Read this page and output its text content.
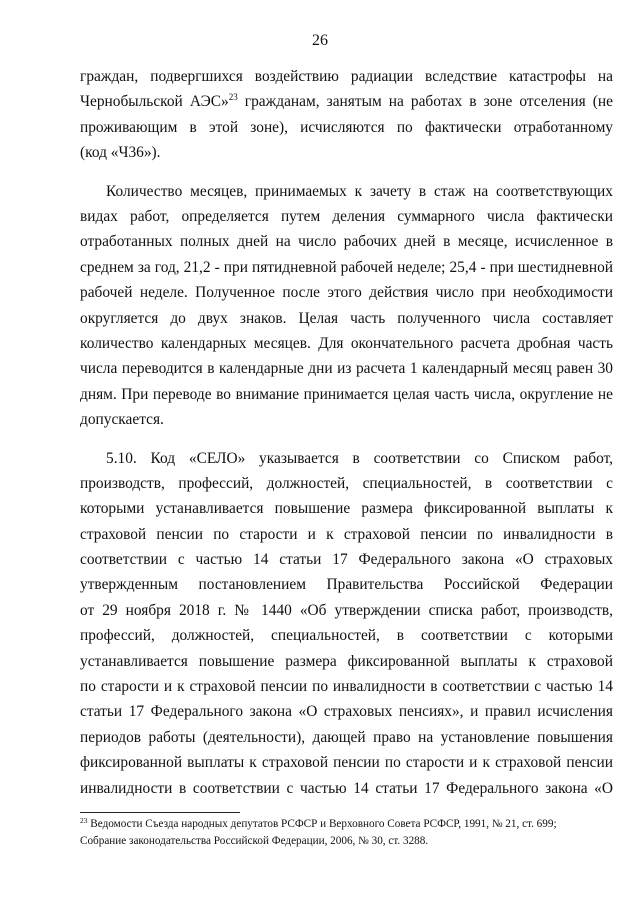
26
граждан, подвергшихся воздействию радиации вследствие катастрофы на
Чернобыльской АЭС»$^{23}$ гражданам, занятым на работах в зоне отселения (не
проживающим в этой зоне), исчисляются по фактически отработанному
(код «Ч36»).
Количество месяцев, принимаемых к зачету в стаж на соответствующих
видах работ, определяется путем деления суммарного числа фактически
отработанных полных дней на число рабочих дней в месяце, исчисленное в
среднем за год, 21,2 - при пятидневной рабочей неделе; 25,4 - при шестидневной
рабочей неделе. Полученное после этого действия число при необходимости
округляется до двух знаков. Целая часть полученного числа составляет
количество календарных месяцев. Для окончательного расчета дробная часть
числа переводится в календарные дни из расчета 1 календарный месяц равен 30
дням. При переводе во внимание принимается целая часть числа, округление не
допускается.
5.10. Код «СЕЛО» указывается в соответствии со Списком работ,
производств, профессий, должностей, специальностей, в соответствии с
которыми устанавливается повышение размера фиксированной выплаты к
страховой пенсии по старости и к страховой пенсии по инвалидности в
соответствии с частью 14 статьи 17 Федерального закона «О страховых
утвержденным постановлением Правительства Российской Федерации
от 29 ноября 2018 г. № 1440 «Об утверждении списка работ, производств,
профессий, должностей, специальностей, в соответствии с которыми
устанавливается повышение размера фиксированной выплаты к страховой
по старости и к страховой пенсии по инвалидности в соответствии с частью 14
статьи 17 Федерального закона «О страховых пенсиях», и правил исчисления
периодов работы (деятельности), дающей право на установление повышения
фиксированной выплаты к страховой пенсии по старости и к страховой пенсии
инвалидности в соответствии с частью 14 статьи 17 Федерального закона «О
$^{23}$ Ведомости Съезда народных депутатов РСФСР и Верховного Совета РСФСР, 1991, № 21, ст. 699;
Собрание законодательства Российской Федерации, 2006, № 30, ст. 3288.
